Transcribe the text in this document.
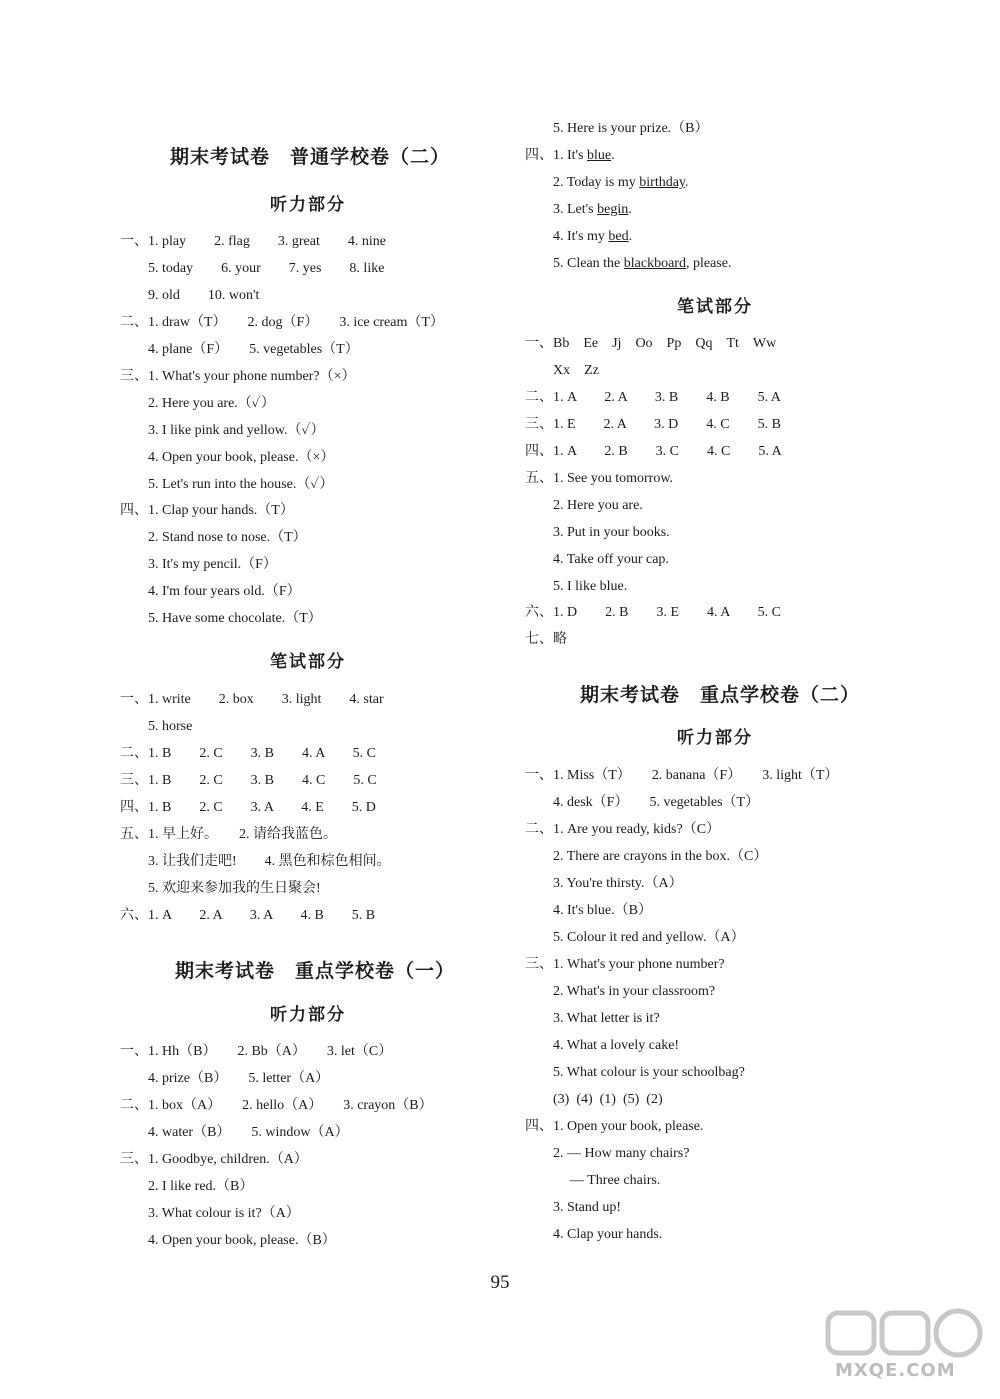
期末考试卷　普通学校卷（二）
听力部分
一、1. play　　2. flag　　3. great　　4. nine
5. today　　6. your　　7. yes　　8. like
9. old　　10. won't
二、1. draw（T）　　2. dog（F）　　3. ice cream（T）
4. plane（F）　　5. vegetables（T）
三、1. What's your phone number?（×）
2. Here you are.（✓）
3. I like pink and yellow.（✓）
4. Open your book, please.（×）
5. Let's run into the house.（✓）
四、1. Clap your hands.（T）
2. Stand nose to nose.（T）
3. It's my pencil.（F）
4. I'm four years old.（F）
5. Have some chocolate.（T）
笔试部分
一、1. write　　2. box　　3. light　　4. star
5. horse
二、1. B　　2. C　　3. B　　4. A　　5. C
三、1. B　　2. C　　3. B　　4. C　　5. C
四、1. B　　2. C　　3. A　　4. E　　5. D
五、1. 早上好。　　2. 请给我蓝色。
3. 让我们走吧!　　4. 黑色和棕色相间。
5. 欢迎来参加我的生日聚会!
六、1. A　　2. A　　3. A　　4. B　　5. B
期末考试卷　重点学校卷（一）
听力部分
一、1. Hh（B）　　2. Bb（A）　　3. let（C）
4. prize（B）　　5. letter（A）
二、1. box（A）　　2. hello（A）　　3. crayon（B）
4. water（B）　　5. window（A）
三、1. Goodbye, children.（A）
2. I like red.（B）
3. What colour is it?（A）
4. Open your book, please.（B）
5. Here is your prize.（B）
四、1. It's blue.
2. Today is my birthday.
3. Let's begin.
4. It's my bed.
5. Clean the blackboard, please.
笔试部分
一、Bb　Ee　Jj　Oo　Pp　Qq　Tt　Ww
Xx　Zz
二、1. A　　2. A　　3. B　　4. B　　5. A
三、1. E　　2. A　　3. D　　4. C　　5. B
四、1. A　　2. B　　3. C　　4. C　　5. A
五、1. See you tomorrow.
2. Here you are.
3. Put in your books.
4. Take off your cap.
5. I like blue.
六、1. D　　2. B　　3. E　　4. A　　5. C
七、略
期末考试卷　重点学校卷（二）
听力部分
一、1. Miss（T）　　2. banana（F）　　3. light（T）
4. desk（F）　　5. vegetables（T）
二、1. Are you ready, kids?（C）
2. There are crayons in the box.（C）
3. You're thirsty.（A）
4. It's blue.（B）
5. Colour it red and yellow.（A）
三、1. What's your phone number?
2. What's in your classroom?
3. What letter is it?
4. What a lovely cake!
5. What colour is your schoolbag?
(3)  (4)  (1)  (5)  (2)
四、1. Open your book, please.
2. — How many chairs?
— Three chairs.
3. Stand up!
4. Clap your hands.
95
MXQE.COM
